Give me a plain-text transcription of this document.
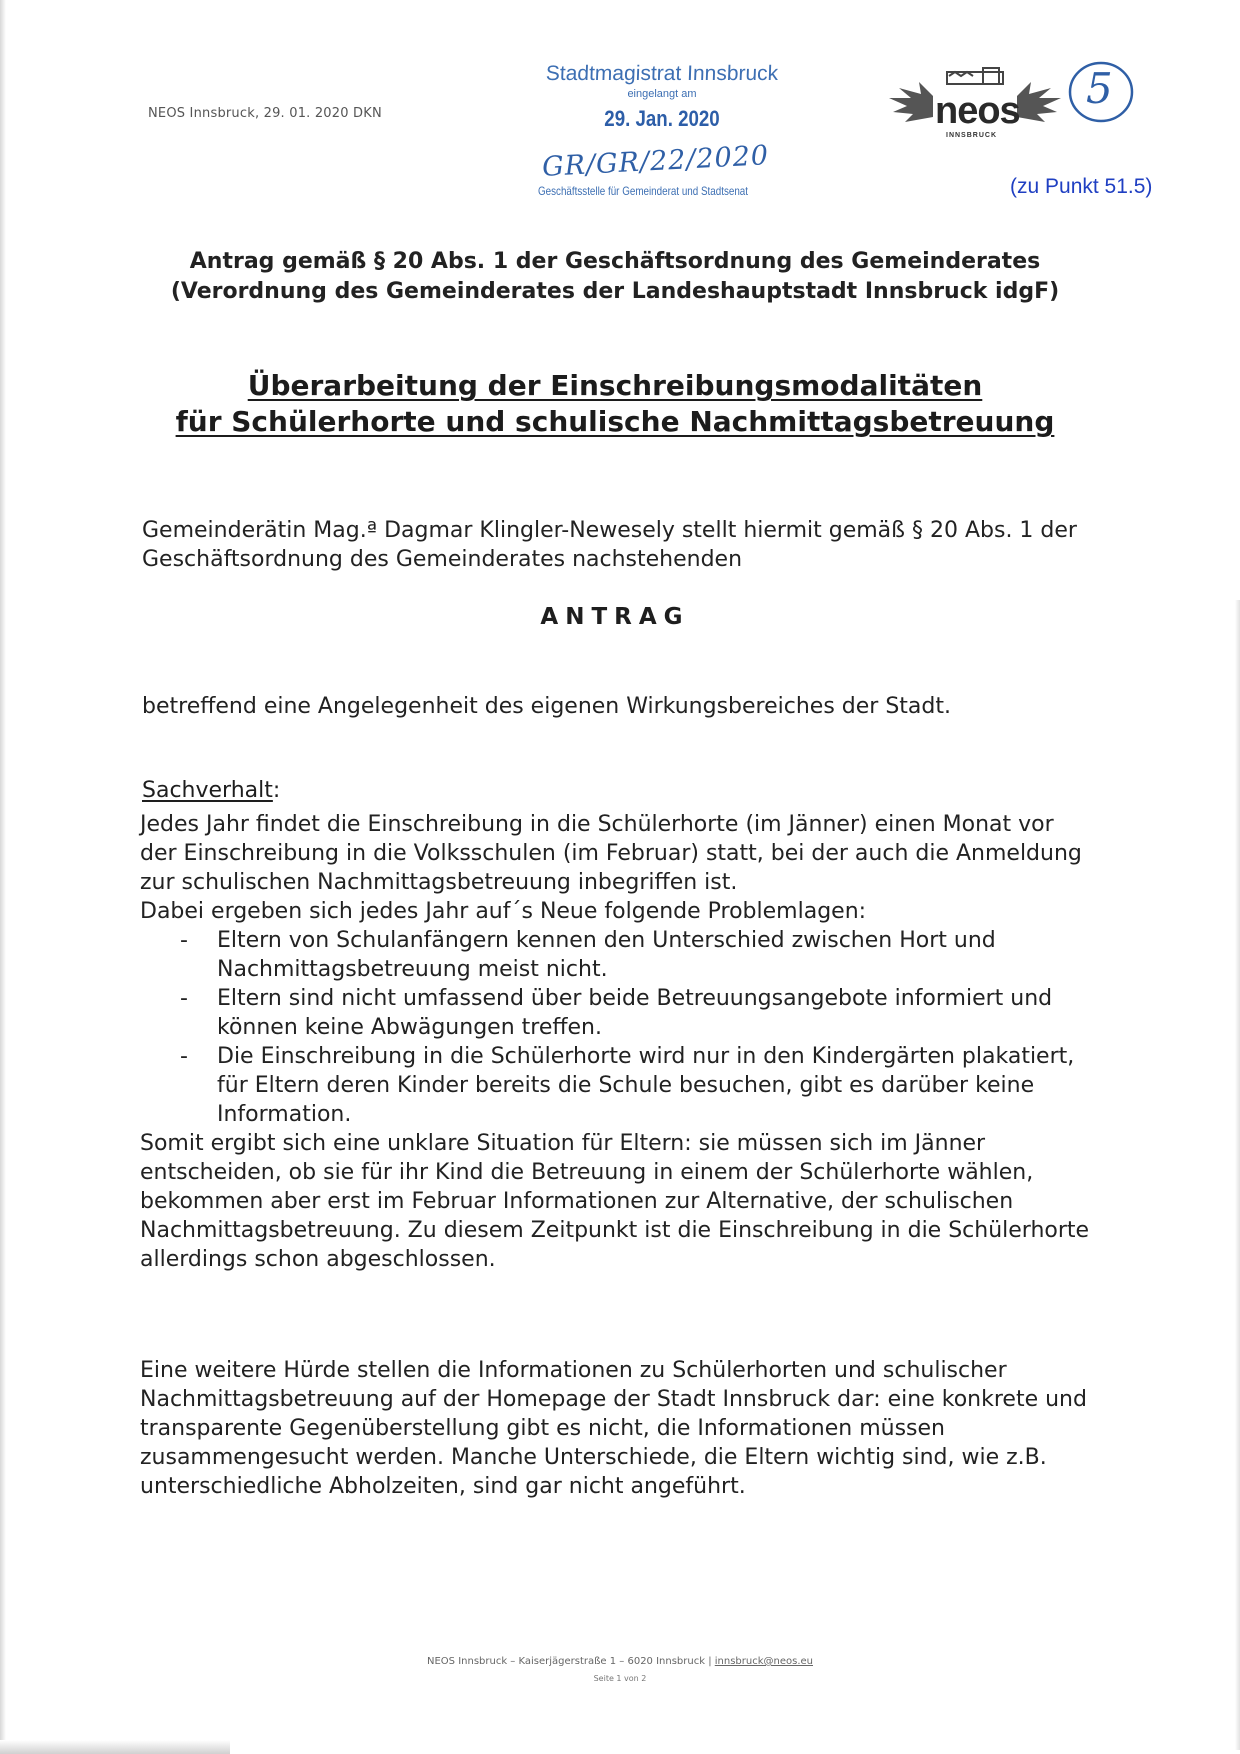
NEOS Innsbruck, 29. 01. 2020 DKN
Stadtmagistrat Innsbruck
eingelangt am
29. Jan. 2020
GR/GR/22/2020
Geschäftsstelle für Gemeinderat und Stadtsenat
neos
INNSBRUCK
5
(zu Punkt 51.5)
Antrag gemäß § 20 Abs. 1 der Geschäftsordnung des Gemeinderates
(Verordnung des Gemeinderates der Landeshauptstadt Innsbruck idgF)
Überarbeitung der Einschreibungsmodalitäten
für Schülerhorte und schulische Nachmittagsbetreuung
Gemeinderätin Mag.ª Dagmar Klingler-Newesely stellt hiermit gemäß § 20 Abs. 1 der Geschäftsordnung des Gemeinderates nachstehenden
ANTRAG
betreffend eine Angelegenheit des eigenen Wirkungsbereiches der Stadt.
Sachverhalt:

Jedes Jahr findet die Einschreibung in die Schülerhorte (im Jänner) einen Monat vor der Einschreibung in die Volksschulen (im Februar) statt, bei der auch die Anmeldung zur schulischen Nachmittagsbetreuung inbegriffen ist.

Dabei ergeben sich jedes Jahr auf´s Neue folgende Problemlagen:

- Eltern von Schulanfängern kennen den Unterschied zwischen Hort und Nachmittagsbetreuung meist nicht.
- Eltern sind nicht umfassend über beide Betreuungsangebote informiert und können keine Abwägungen treffen.
- Die Einschreibung in die Schülerhorte wird nur in den Kindergärten plakatiert, für Eltern deren Kinder bereits die Schule besuchen, gibt es darüber keine Information.

Somit ergibt sich eine unklare Situation für Eltern: sie müssen sich im Jänner entscheiden, ob sie für ihr Kind die Betreuung in einem der Schülerhorte wählen, bekommen aber erst im Februar Informationen zur Alternative, der schulischen Nachmittagsbetreuung. Zu diesem Zeitpunkt ist die Einschreibung in die Schülerhorte allerdings schon abgeschlossen.

Eine weitere Hürde stellen die Informationen zu Schülerhorten und schulischer Nachmittagsbetreuung auf der Homepage der Stadt Innsbruck dar: eine konkrete und transparente Gegenüberstellung gibt es nicht, die Informationen müssen zusammengesucht werden. Manche Unterschiede, die Eltern wichtig sind, wie z.B. unterschiedliche Abholzeiten, sind gar nicht angeführt.
NEOS Innsbruck – Kaiserjägerstraße 1 – 6020 Innsbruck | innsbruck@neos.eu
Seite 1 von 2
